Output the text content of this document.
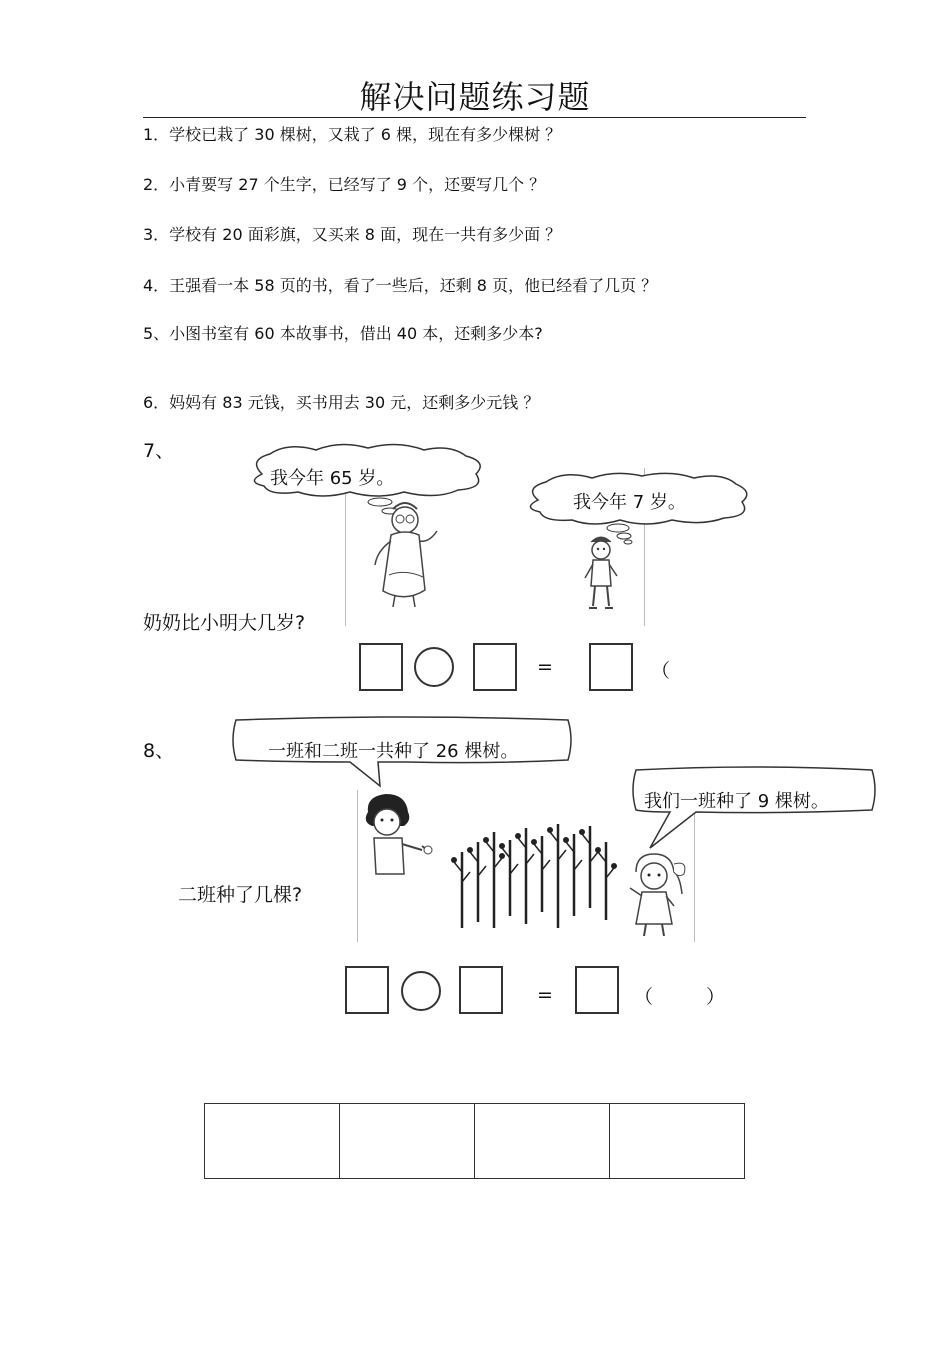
解决问题练习题
1．学校已栽了 30 棵树，又栽了 6 棵，现在有多少棵树 ？
2．小青要写 27 个生字，已经写了 9 个，还要写几个 ？
3．学校有 20 面彩旗，又买来 8 面，现在一共有多少面 ？
4．王强看一本 58 页的书，看了一些后，还剩 8 页，他已经看了几页 ？
5、小图书室有 60 本故事书，借出 40 本，还剩多少本?
6．妈妈有 83 元钱，买书用去 30 元，还剩多少元钱 ？
7、
我今年 65 岁。
我今年 7 岁。
奶奶比小明大几岁?
=	（
8、	一班和二班一共种了 26 棵树。
我们一班种了 9 棵树。
二班种了几棵?
=	（	）
